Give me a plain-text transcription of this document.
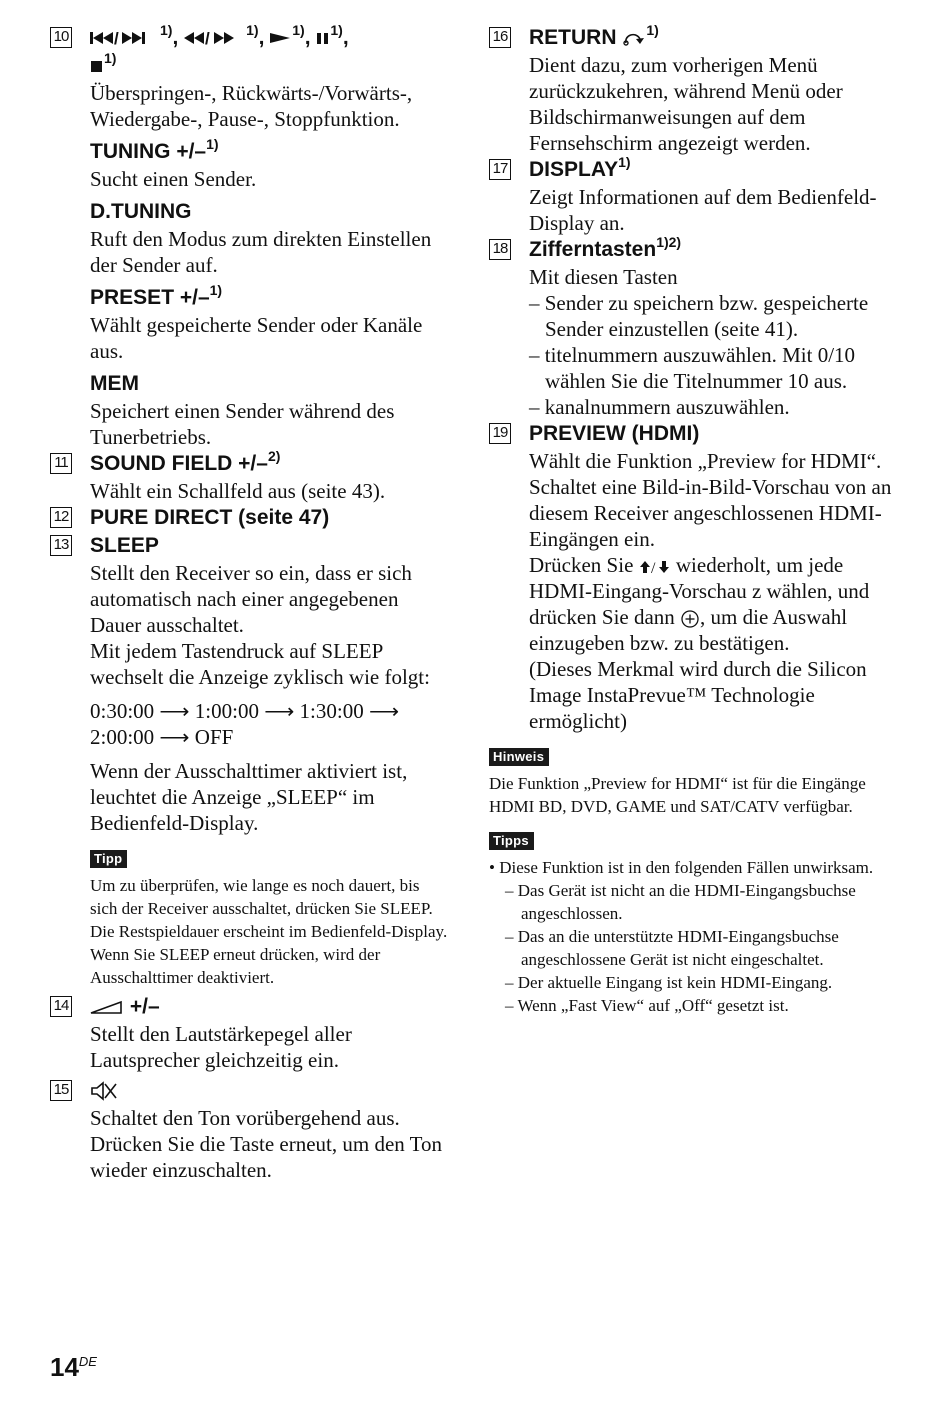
10	/	$^{1)}$, /	$^{1)}$, $^{1)}$, $^{1)}$,
$^{1)}$
Überspringen-, Rückwärts-/Vorwärts-, Wiedergabe-, Pause-, Stoppfunktion.
TUNING +/–$^{1)}$
Sucht einen Sender.
D.TUNING
Ruft den Modus zum direkten Einstellen der Sender auf.
PRESET +/–$^{1)}$
Wählt gespeicherte Sender oder Kanäle aus.
MEM
Speichert einen Sender während des Tunerbetriebs.
11 SOUND FIELD +/–$^{2)}$
Wählt ein Schallfeld aus (seite 43).
12 PURE DIRECT (seite 47)
13 SLEEP
Stellt den Receiver so ein, dass er sich automatisch nach einer angegebenen Dauer ausschaltet.
Mit jedem Tastendruck auf SLEEP wechselt die Anzeige zyklisch wie folgt:
0:30:00 ⟶ 1:00:00 ⟶ 1:30:00 ⟶
2:00:00 ⟶ OFF
Wenn der Ausschalttimer aktiviert ist, leuchtet die Anzeige „SLEEP“ im Bedienfeld-Display.
Tipp
Um zu überprüfen, wie lange es noch dauert, bis sich der Receiver ausschaltet, drücken Sie SLEEP. Die Restspieldauer erscheint im Bedienfeld-Display. Wenn Sie SLEEP erneut drücken, wird der Ausschalttimer deaktiviert.
14	+/–
Stellt den Lautstärkepegel aller Lautsprecher gleichzeitig ein.
15
Schaltet den Ton vorübergehend aus. Drücken Sie die Taste erneut, um den Ton wieder einzuschalten.
16 RETURN $^{1)}$
Dient dazu, zum vorherigen Menü zurückzukehren, während Menü oder Bildschirmanweisungen auf dem Fernsehschirm angezeigt werden.
17 DISPLAY$^{1)}$
Zeigt Informationen auf dem Bedienfeld-Display an.
18 Zifferntasten$^{1)2)}$
Mit diesen Tasten
– Sender zu speichern bzw. gespeicherte Sender einzustellen (seite 41).
– titelnummern auszuwählen. Mit 0/10 wählen Sie die Titelnummer 10 aus.
– kanalnummern auszuwählen.
19 PREVIEW (HDMI)
Wählt die Funktion „Preview for HDMI“.
Schaltet eine Bild-in-Bild-Vorschau von an diesem Receiver angeschlossenen HDMI-Eingängen ein.
Drücken Sie / wiederholt, um jede HDMI-Eingang-Vorschau z wählen, und drücken Sie dann , um die Auswahl einzugeben bzw. zu bestätigen.
(Dieses Merkmal wird durch die Silicon Image InstaPrevue™ Technologie ermöglicht)
Hinweis
Die Funktion „Preview for HDMI“ ist für die Eingänge HDMI BD, DVD, GAME und SAT/CATV verfügbar.
Tipps
• Diese Funktion ist in den folgenden Fällen unwirksam.
– Das Gerät ist nicht an die HDMI-Eingangsbuchse angeschlossen.
– Das an die unterstützte HDMI-Eingangsbuchse angeschlossene Gerät ist nicht eingeschaltet.
– Der aktuelle Eingang ist kein HDMI-Eingang.
– Wenn „Fast View“ auf „Off“ gesetzt ist.
14DE
